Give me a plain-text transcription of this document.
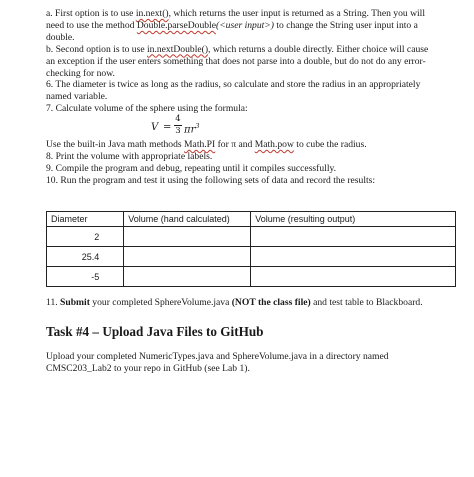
a. First option is to use in.next(), which returns the user input is returned as a String. Then you will
need to use the method Double.parseDouble(<user input>) to change the String user input into a
double.
b. Second option is to use in.nextDouble(), which returns a double directly. Either choice will cause
an exception if the user enters something that does not parse into a double, but do not do any error-
checking for now.
6. The diameter is twice as long as the radius, so calculate and store the radius in an appropriately
named variable.
7. Calculate volume of the sphere using the formula:
V =
4
3 $\pi r^3$
Use the built-in Java math methods Math.PI for π and Math.pow to cube the radius.
8. Print the volume with appropriate labels.
9. Compile the program and debug, repeating until it compiles successfully.
10. Run the program and test it using the following sets of data and record the results:
Diameter	Volume (hand calculated)	Volume (resulting output)
2		
25.4		
-5		
11. Submit your completed SphereVolume.java (NOT the class file) and test table to Blackboard.
Task #4 – Upload Java Files to GitHub
Upload your completed NumericTypes.java and SphereVolume.java in a directory named
CMSC203_Lab2 to your repo in GitHub (see Lab 1).
